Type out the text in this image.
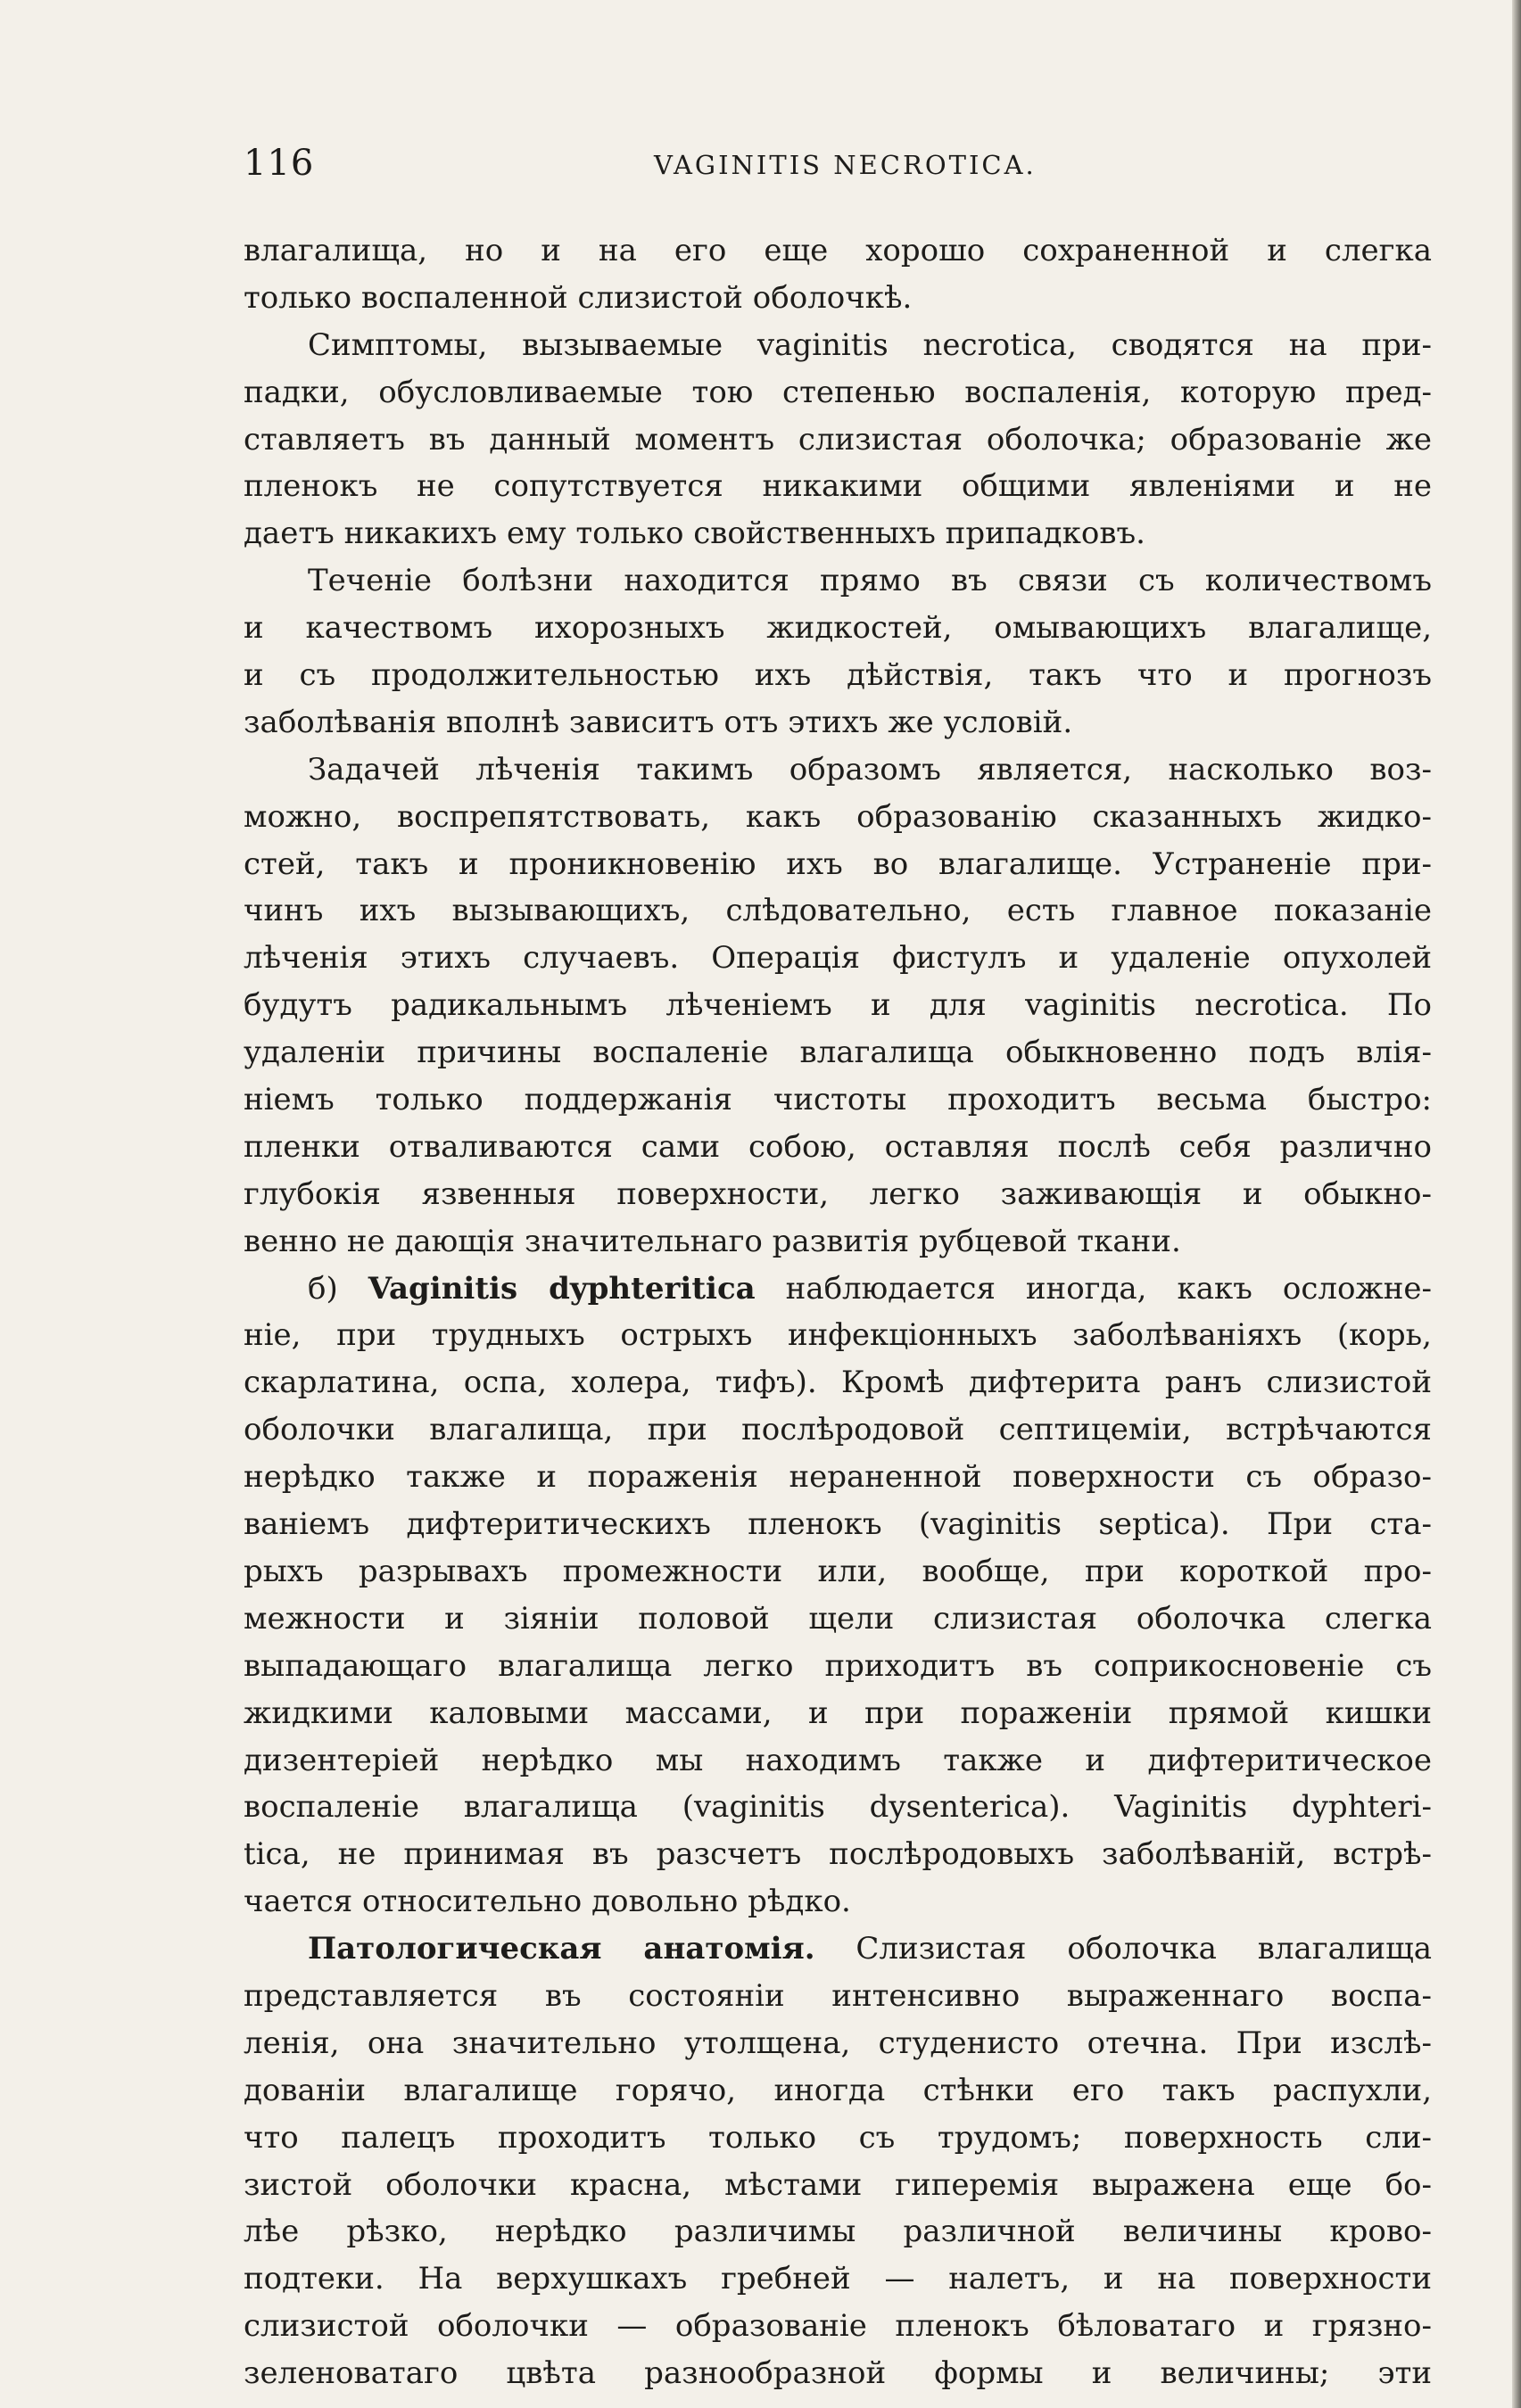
116	VAGINITIS NECROTICA.
влагалища, но и на его еще хорошо сохраненной и слегка
только воспаленной слизистой оболочкѣ.
Симптомы, вызываемые vaginitis necrotica, сводятся на при-
падки, обусловливаемые тою степенью воспаленія, которую пред-
ставляетъ въ данный моментъ слизистая оболочка; образованіе же
пленокъ не сопутствуется никакими общими явленіями и не
даетъ никакихъ ему только свойственныхъ припадковъ.
Теченіе болѣзни находится прямо въ связи съ количествомъ
и качествомъ ихорозныхъ жидкостей, омывающихъ влагалище,
и съ продолжительностью ихъ дѣйствія, такъ что и прогнозъ
заболѣванія вполнѣ зависитъ отъ этихъ же условій.
Задачей лѣченія такимъ образомъ является, насколько воз-
можно, воспрепятствовать, какъ образованію сказанныхъ жидко-
стей, такъ и проникновенію ихъ во влагалище. Устраненіе при-
чинъ ихъ вызывающихъ, слѣдовательно, есть главное показаніе
лѣченія этихъ случаевъ. Операція фистулъ и удаленіе опухолей
будутъ радикальнымъ лѣченіемъ и для vaginitis necrotica. По
удаленіи причины воспаленіе влагалища обыкновенно подъ влія-
ніемъ только поддержанія чистоты проходитъ весьма быстро:
пленки отваливаются сами собою, оставляя послѣ себя различно
глубокія язвенныя поверхности, легко заживающія и обыкно-
венно не дающія значительнаго развитія рубцевой ткани.
б) Vaginitis dyphteritica наблюдается иногда, какъ осложне-
ніе, при трудныхъ острыхъ инфекціонныхъ заболѣваніяхъ (корь,
скарлатина, оспа, холера, тифъ). Кромѣ дифтерита ранъ слизистой
оболочки влагалища, при послѣродовой септицеміи, встрѣчаются
нерѣдко также и пораженія нераненной поверхности съ образо-
ваніемъ дифтеритическихъ пленокъ (vaginitis septica). При ста-
рыхъ разрывахъ промежности или, вообще, при короткой про-
межности и зіяніи половой щели слизистая оболочка слегка
выпадающаго влагалища легко приходитъ въ соприкосновеніе съ
жидкими каловыми массами, и при пораженіи прямой кишки
дизентеріей нерѣдко мы находимъ также и дифтеритическое
воспаленіе влагалища (vaginitis dysenterica). Vaginitis dyphteri-
tica, не принимая въ разсчетъ послѣродовыхъ заболѣваній, встрѣ-
чается относительно довольно рѣдко.
Патологическая анатомія. Слизистая оболочка влагалища
представляется въ состояніи интенсивно выраженнаго воспа-
ленія, она значительно утолщена, студенисто отечна. При изслѣ-
дованіи влагалище горячо, иногда стѣнки его такъ распухли,
что палецъ проходитъ только съ трудомъ; поверхность сли-
зистой оболочки красна, мѣстами гиперемія выражена еще бо-
лѣе рѣзко, нерѣдко различимы различной величины крово-
подтеки. На верхушкахъ гребней — налетъ, и на поверхности
слизистой оболочки — образованіе пленокъ бѣловатаго и грязно-
зеленоватаго цвѣта разнообразной формы и величины; эти
